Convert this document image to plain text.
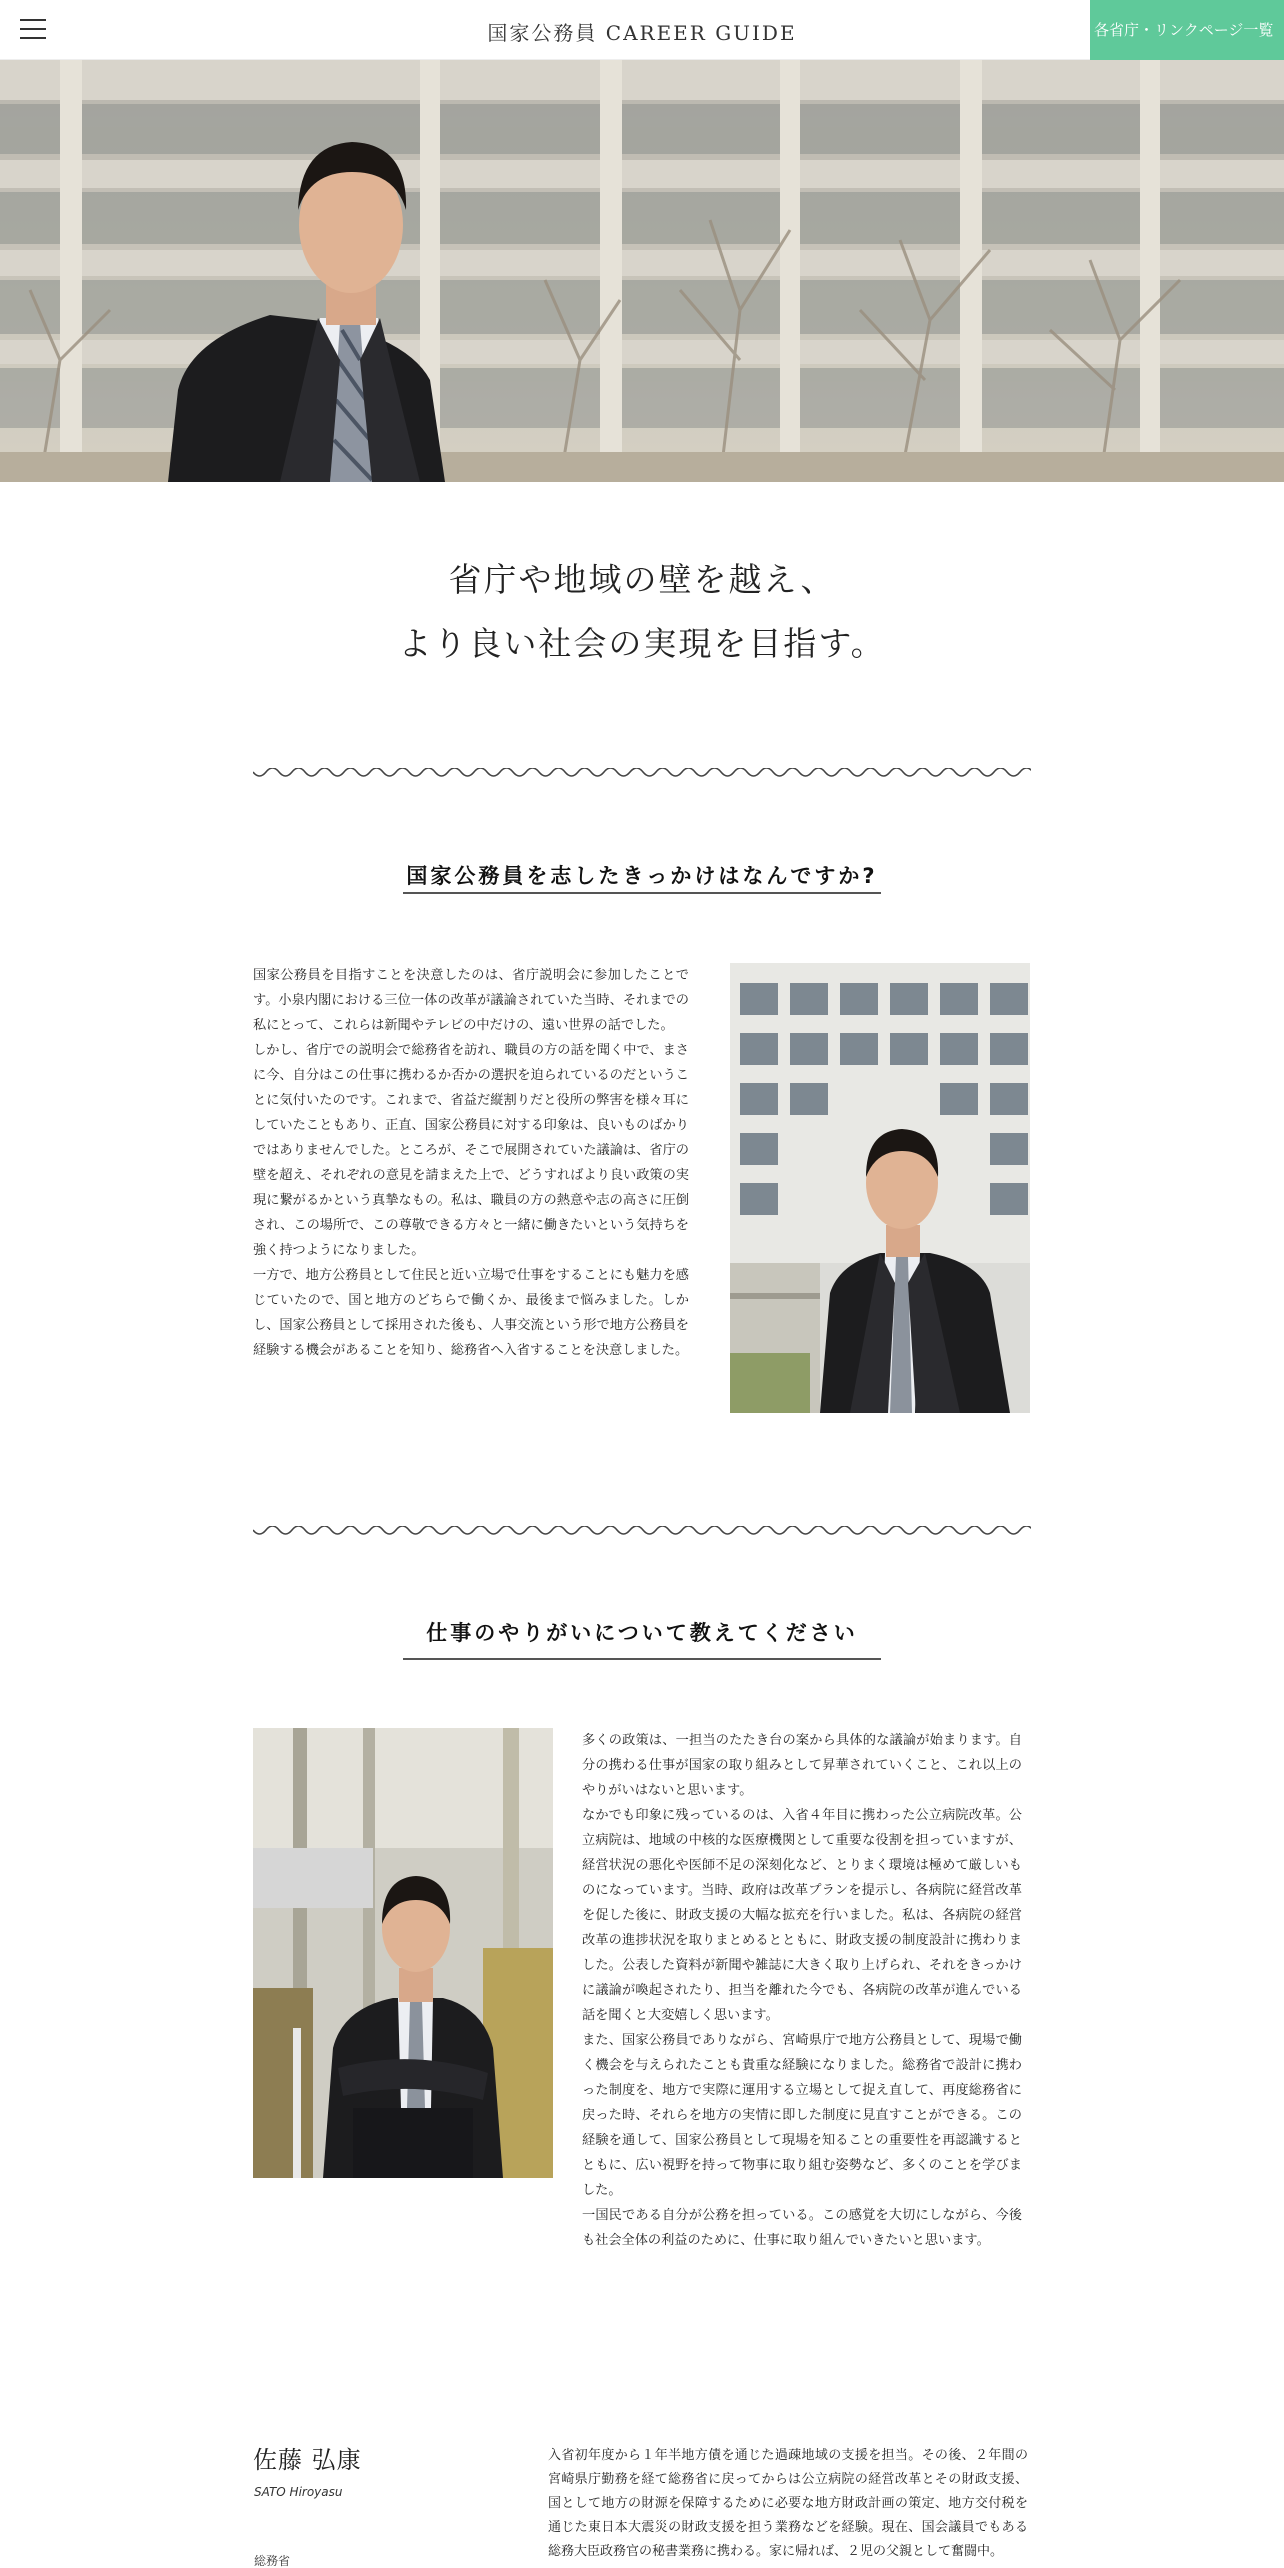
国家公務員 CAREER GUIDE	各省庁・リンクページ一覧
省庁や地域の壁を越え、
より良い社会の実現を目指す。
国家公務員を志したきっかけはなんですか?

国家公務員を目指すことを決意したのは、省庁説明会に参加したことです。小泉内閣における三位一体の改革が議論されていた当時、それまでの私にとって、これらは新聞やテレビの中だけの、遠い世界の話でした。

しかし、省庁での説明会で総務省を訪れ、職員の方の話を聞く中で、まさに今、自分はこの仕事に携わるか否かの選択を迫られているのだということに気付いたのです。これまで、省益だ縦割りだと役所の弊害を様々耳にしていたこともあり、正直、国家公務員に対する印象は、良いものばかりではありませんでした。ところが、そこで展開されていた議論は、省庁の壁を超え、それぞれの意見を請まえた上で、どうすればより良い政策の実現に繋がるかという真摯なもの。私は、職員の方の熱意や志の高さに圧倒され、この場所で、この尊敬できる方々と一緒に働きたいという気持ちを強く持つようになりました。

一方で、地方公務員として住民と近い立場で仕事をすることにも魅力を感じていたので、国と地方のどちらで働くか、最後まで悩みました。しかし、国家公務員として採用された後も、人事交流という形で地方公務員を経験する機会があることを知り、総務省へ入省することを決意しました。

仕事のやりがいについて教えてください

多くの政策は、一担当のたたき台の案から具体的な議論が始まります。自分の携わる仕事が国家の取り組みとして昇華されていくこと、これ以上のやりがいはないと思います。

なかでも印象に残っているのは、入省４年目に携わった公立病院改革。公立病院は、地域の中核的な医療機関として重要な役割を担っていますが、経営状況の悪化や医師不足の深刻化など、とりまく環境は極めて厳しいものになっています。当時、政府は改革プランを提示し、各病院に経営改革を促した後に、財政支援の大幅な拡充を行いました。私は、各病院の経営改革の進捗状況を取りまとめるとともに、財政支援の制度設計に携わりました。公表した資料が新聞や雑誌に大きく取り上げられ、それをきっかけに議論が喚起されたり、担当を離れた今でも、各病院の改革が進んでいる話を聞くと大変嬉しく思います。

また、国家公務員でありながら、宮崎県庁で地方公務員として、現場で働く機会を与えられたことも貴重な経験になりました。総務省で設計に携わった制度を、地方で実際に運用する立場として捉え直して、再度総務省に戻った時、それらを地方の実情に即した制度に見直すことができる。この経験を通して、国家公務員として現場を知ることの重要性を再認識するとともに、広い視野を持って物事に取り組む姿勢など、多くのことを学びました。

一国民である自分が公務を担っている。この感覚を大切にしながら、今後も社会全体の利益のために、仕事に取り組んでいきたいと思います。

佐藤 弘康
SATO Hiroyasu
総務省
入省初年度から１年半地方債を通じた過疎地域の支援を担当。その後、２年間の宮崎県庁勤務を経て総務省に戻ってからは公立病院の経営改革とその財政支援、国として地方の財源を保障するために必要な地方財政計画の策定、地方交付税を通じた東日本大震災の財政支援を担う業務などを経験。現在、国会議員でもある総務大臣政務官の秘書業務に携わる。家に帰れば、２児の父親として奮闘中。
